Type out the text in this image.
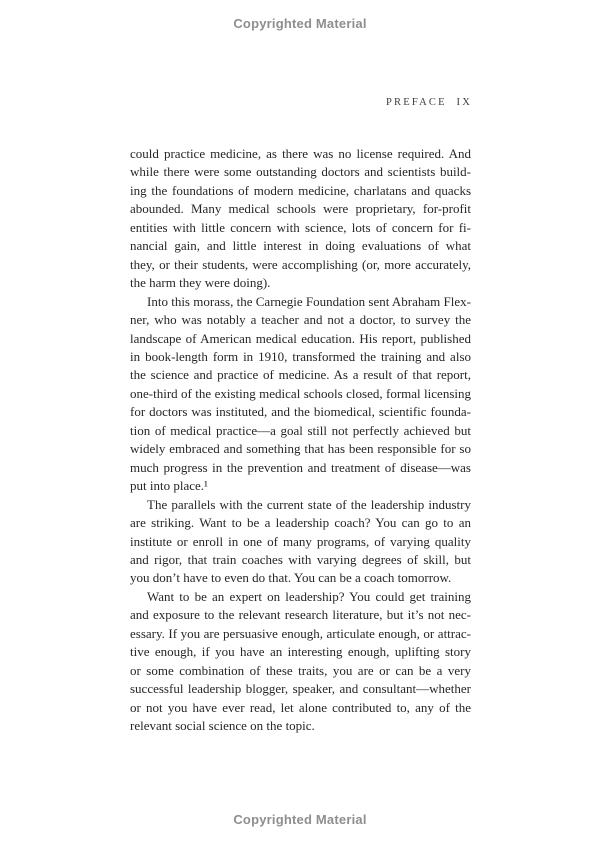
Copyrighted Material
PREFACE IX
could practice medicine, as there was no license required. And
while there were some outstanding doctors and scientists build-
ing the foundations of modern medicine, charlatans and quacks
abounded. Many medical schools were proprietary, for-profit
entities with little concern with science, lots of concern for fi-
nancial gain, and little interest in doing evaluations of what
they, or their students, were accomplishing (or, more accurately,
the harm they were doing).
Into this morass, the Carnegie Foundation sent Abraham Flex-
ner, who was notably a teacher and not a doctor, to survey the
landscape of American medical education. His report, published
in book-length form in 1910, transformed the training and also
the science and practice of medicine. As a result of that report,
one-third of the existing medical schools closed, formal licensing
for doctors was instituted, and the biomedical, scientific founda-
tion of medical practice—a goal still not perfectly achieved but
widely embraced and something that has been responsible for so
much progress in the prevention and treatment of disease—was
put into place.¹
The parallels with the current state of the leadership industry
are striking. Want to be a leadership coach? You can go to an
institute or enroll in one of many programs, of varying quality
and rigor, that train coaches with varying degrees of skill, but
you don’t have to even do that. You can be a coach tomorrow.
Want to be an expert on leadership? You could get training
and exposure to the relevant research literature, but it’s not nec-
essary. If you are persuasive enough, articulate enough, or attrac-
tive enough, if you have an interesting enough, uplifting story
or some combination of these traits, you are or can be a very
successful leadership blogger, speaker, and consultant—whether
or not you have ever read, let alone contributed to, any of the
relevant social science on the topic.
Copyrighted Material
